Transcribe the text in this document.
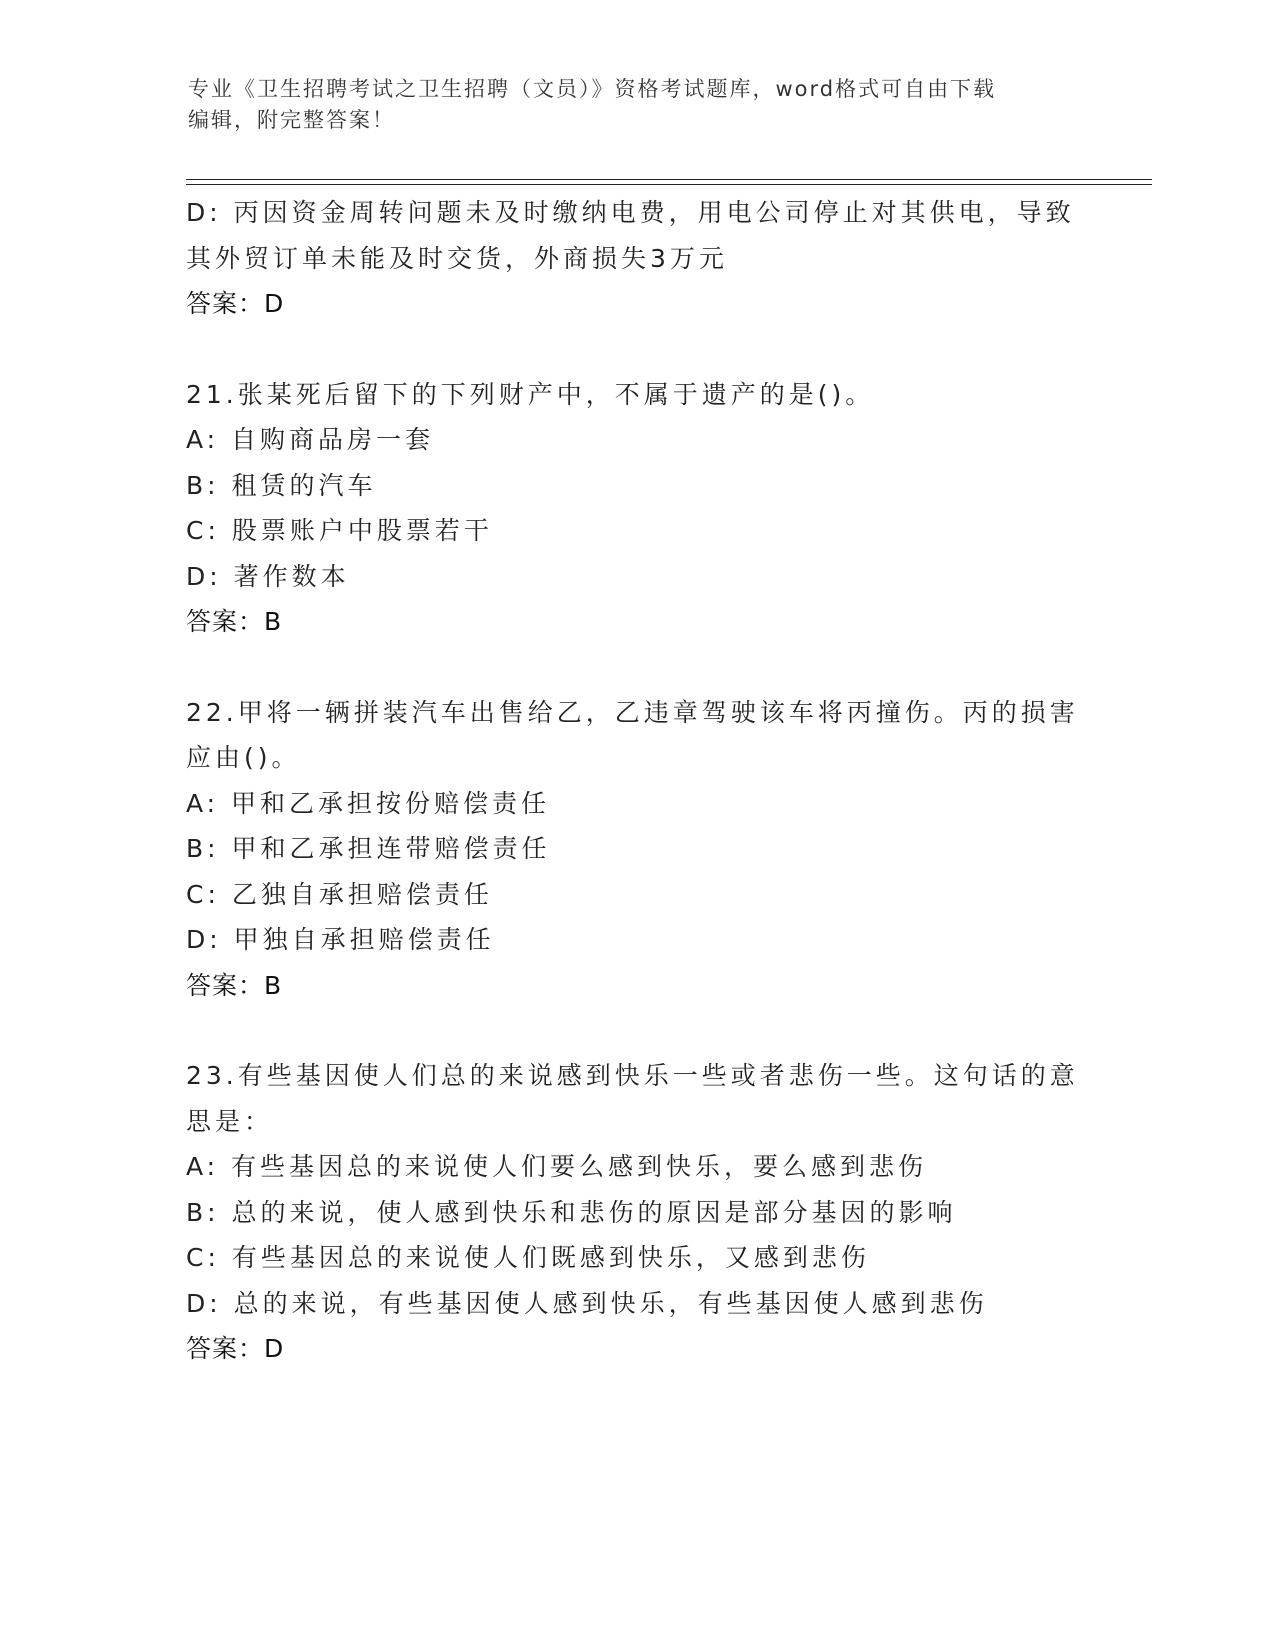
专业《卫生招聘考试之卫生招聘（文员）》资格考试题库，word格式可自由下载
编辑，附完整答案！
D: 丙因资金周转问题未及时缴纳电费，用电公司停止对其供电，导致
其外贸订单未能及时交货，外商损失3万元
答案：D
21.张某死后留下的下列财产中，不属于遗产的是()。
A: 自购商品房一套
B: 租赁的汽车
C: 股票账户中股票若干
D: 著作数本
答案：B
22.甲将一辆拼装汽车出售给乙，乙违章驾驶该车将丙撞伤。丙的损害
应由()。
A: 甲和乙承担按份赔偿责任
B: 甲和乙承担连带赔偿责任
C: 乙独自承担赔偿责任
D: 甲独自承担赔偿责任
答案：B
23.有些基因使人们总的来说感到快乐一些或者悲伤一些。这句话的意
思是：
A: 有些基因总的来说使人们要么感到快乐，要么感到悲伤
B: 总的来说，使人感到快乐和悲伤的原因是部分基因的影响
C: 有些基因总的来说使人们既感到快乐，又感到悲伤
D: 总的来说，有些基因使人感到快乐，有些基因使人感到悲伤
答案：D
